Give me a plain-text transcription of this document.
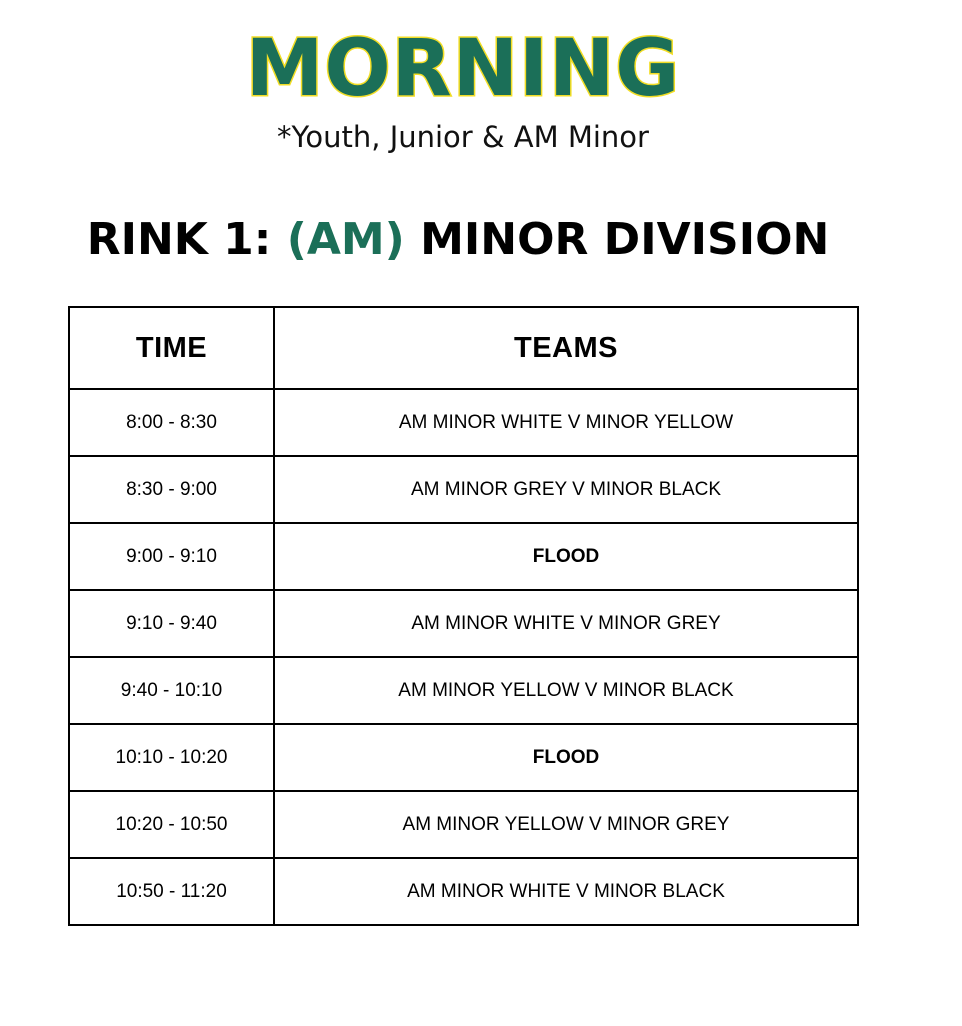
MORNING
*Youth, Junior & AM Minor
RINK 1: (AM) MINOR DIVISION
TIME	TEAMS
8:00 - 8:30	AM MINOR WHITE V MINOR YELLOW
8:30 - 9:00	AM MINOR GREY V MINOR BLACK
9:00 - 9:10	FLOOD
9:10 - 9:40	AM MINOR WHITE V MINOR GREY
9:40 - 10:10	AM MINOR YELLOW V MINOR BLACK
10:10 - 10:20	FLOOD
10:20 - 10:50	AM MINOR YELLOW V MINOR GREY
10:50 - 11:20	AM MINOR WHITE V MINOR BLACK
